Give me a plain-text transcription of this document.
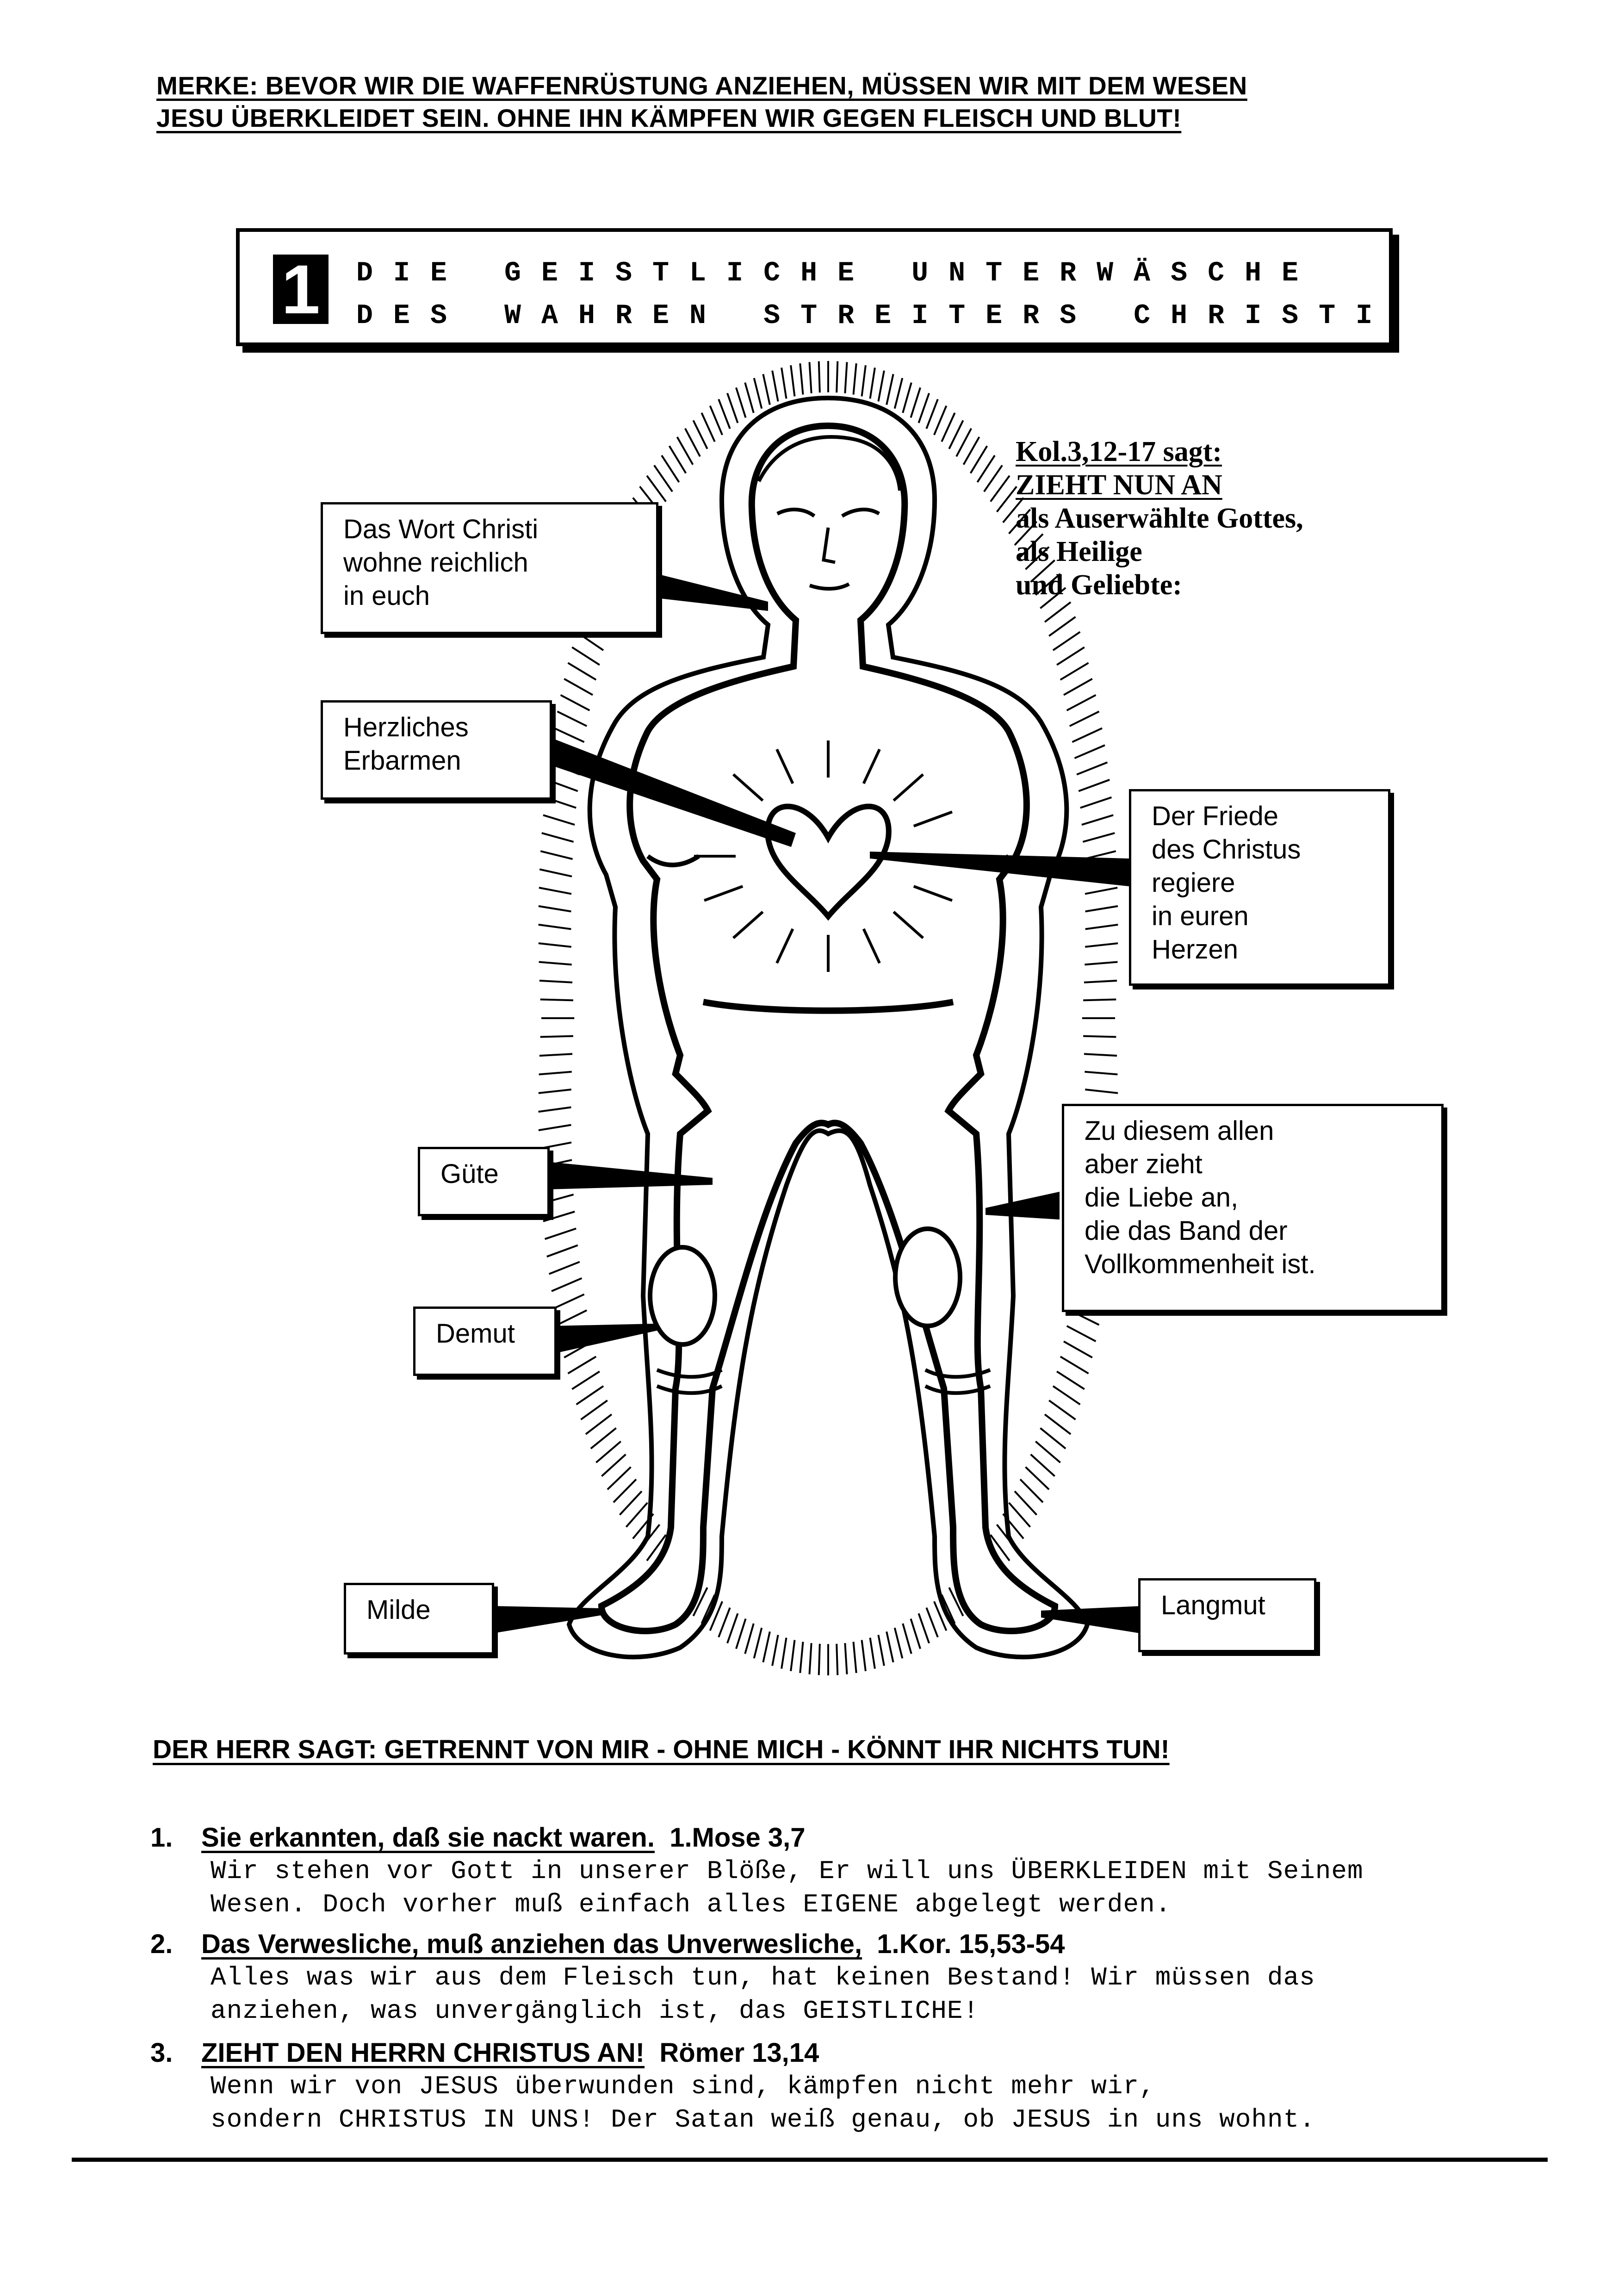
MERKE: BEVOR WIR DIE WAFFENRÜSTUNG ANZIEHEN, MÜSSEN WIR MIT DEM WESEN
JESU ÜBERKLEIDET SEIN. OHNE IHN KÄMPFEN WIR GEGEN FLEISCH UND BLUT!
1	DIE GEISTLICHE UNTERWÄSCHE
DES WAHREN STREITERS CHRISTI
Das Wort Christi
wohne reichlich
in euch
Herzliches
Erbarmen
Der Friede
des Christus
regiere
in euren
Herzen
Güte
Zu diesem allen
aber zieht
die Liebe an,
die das Band der
Vollkommenheit ist.
Demut
Milde	Langmut
Kol.3,12-17 sagt:
ZIEHT NUN AN
als Auserwählte Gottes,
als Heilige
und Geliebte:
DER HERR SAGT: GETRENNT VON MIR - OHNE MICH - KÖNNT IHR NICHTS TUN!
1. Sie erkannten, daß sie nackt waren. 1.Mose 3,7
Wir stehen vor Gott in unserer Blöße, Er will uns ÜBERKLEIDEN mit Seinem
Wesen. Doch vorher muß einfach alles EIGENE abgelegt werden.
2. Das Verwesliche, muß anziehen das Unverwesliche, 1.Kor. 15,53-54
Alles was wir aus dem Fleisch tun, hat keinen Bestand! Wir müssen das
anziehen, was unvergänglich ist, das GEISTLICHE!
3. ZIEHT DEN HERRN CHRISTUS AN! Römer 13,14
Wenn wir von JESUS überwunden sind, kämpfen nicht mehr wir,
sondern CHRISTUS IN UNS! Der Satan weiß genau, ob JESUS in uns wohnt.
